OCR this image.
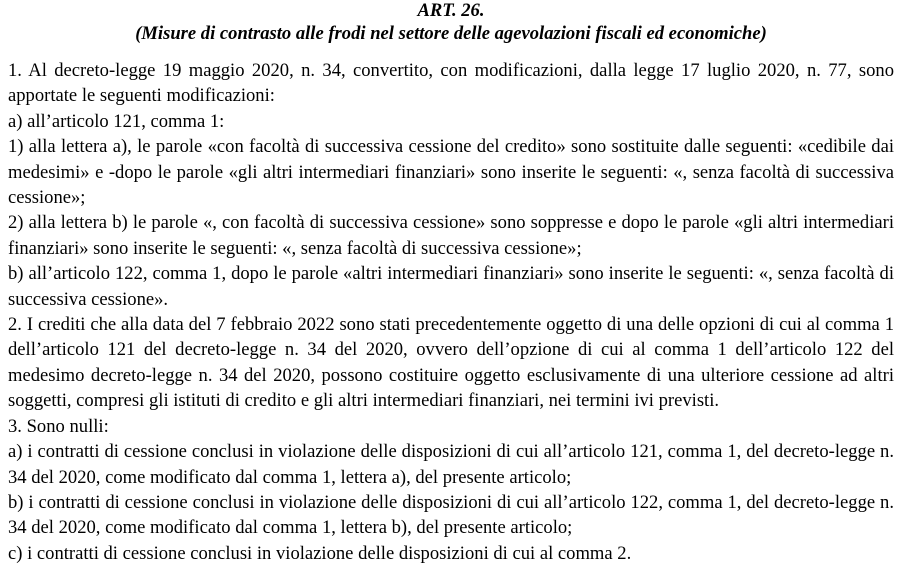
ART. 26.

(Misure di contrasto alle frodi nel settore delle agevolazioni fiscali ed economiche)

1. Al decreto-legge 19 maggio 2020, n. 34, convertito, con modificazioni, dalla legge 17 luglio 2020, n. 77, sono apportate le seguenti modificazioni:

a) all’articolo 121, comma 1:

1) alla lettera a), le parole «con facoltà di successiva cessione del credito» sono sostituite dalle seguenti: «cedibile dai medesimi» e -dopo le parole «gli altri intermediari finanziari» sono inserite le seguenti: «, senza facoltà di successiva cessione»;

2) alla lettera b) le parole «, con facoltà di successiva cessione» sono soppresse e dopo le parole «gli altri intermediari finanziari» sono inserite le seguenti: «, senza facoltà di successiva cessione»;

b) all’articolo 122, comma 1, dopo le parole «altri intermediari finanziari» sono inserite le seguenti: «, senza facoltà di successiva cessione».

2. I crediti che alla data del 7 febbraio 2022 sono stati precedentemente oggetto di una delle opzioni di cui al comma 1 dell’articolo 121 del decreto-legge n. 34 del 2020, ovvero dell’opzione di cui al comma 1 dell’articolo 122 del medesimo decreto-legge n. 34 del 2020, possono costituire oggetto esclusivamente di una ulteriore cessione ad altri soggetti, compresi gli istituti di credito e gli altri intermediari finanziari, nei termini ivi previsti.

3. Sono nulli:

a) i contratti di cessione conclusi in violazione delle disposizioni di cui all’articolo 121, comma 1, del decreto-legge n. 34 del 2020, come modificato dal comma 1, lettera a), del presente articolo;

b) i contratti di cessione conclusi in violazione delle disposizioni di cui all’articolo 122, comma 1, del decreto-legge n. 34 del 2020, come modificato dal comma 1, lettera b), del presente articolo;

c) i contratti di cessione conclusi in violazione delle disposizioni di cui al comma 2.
